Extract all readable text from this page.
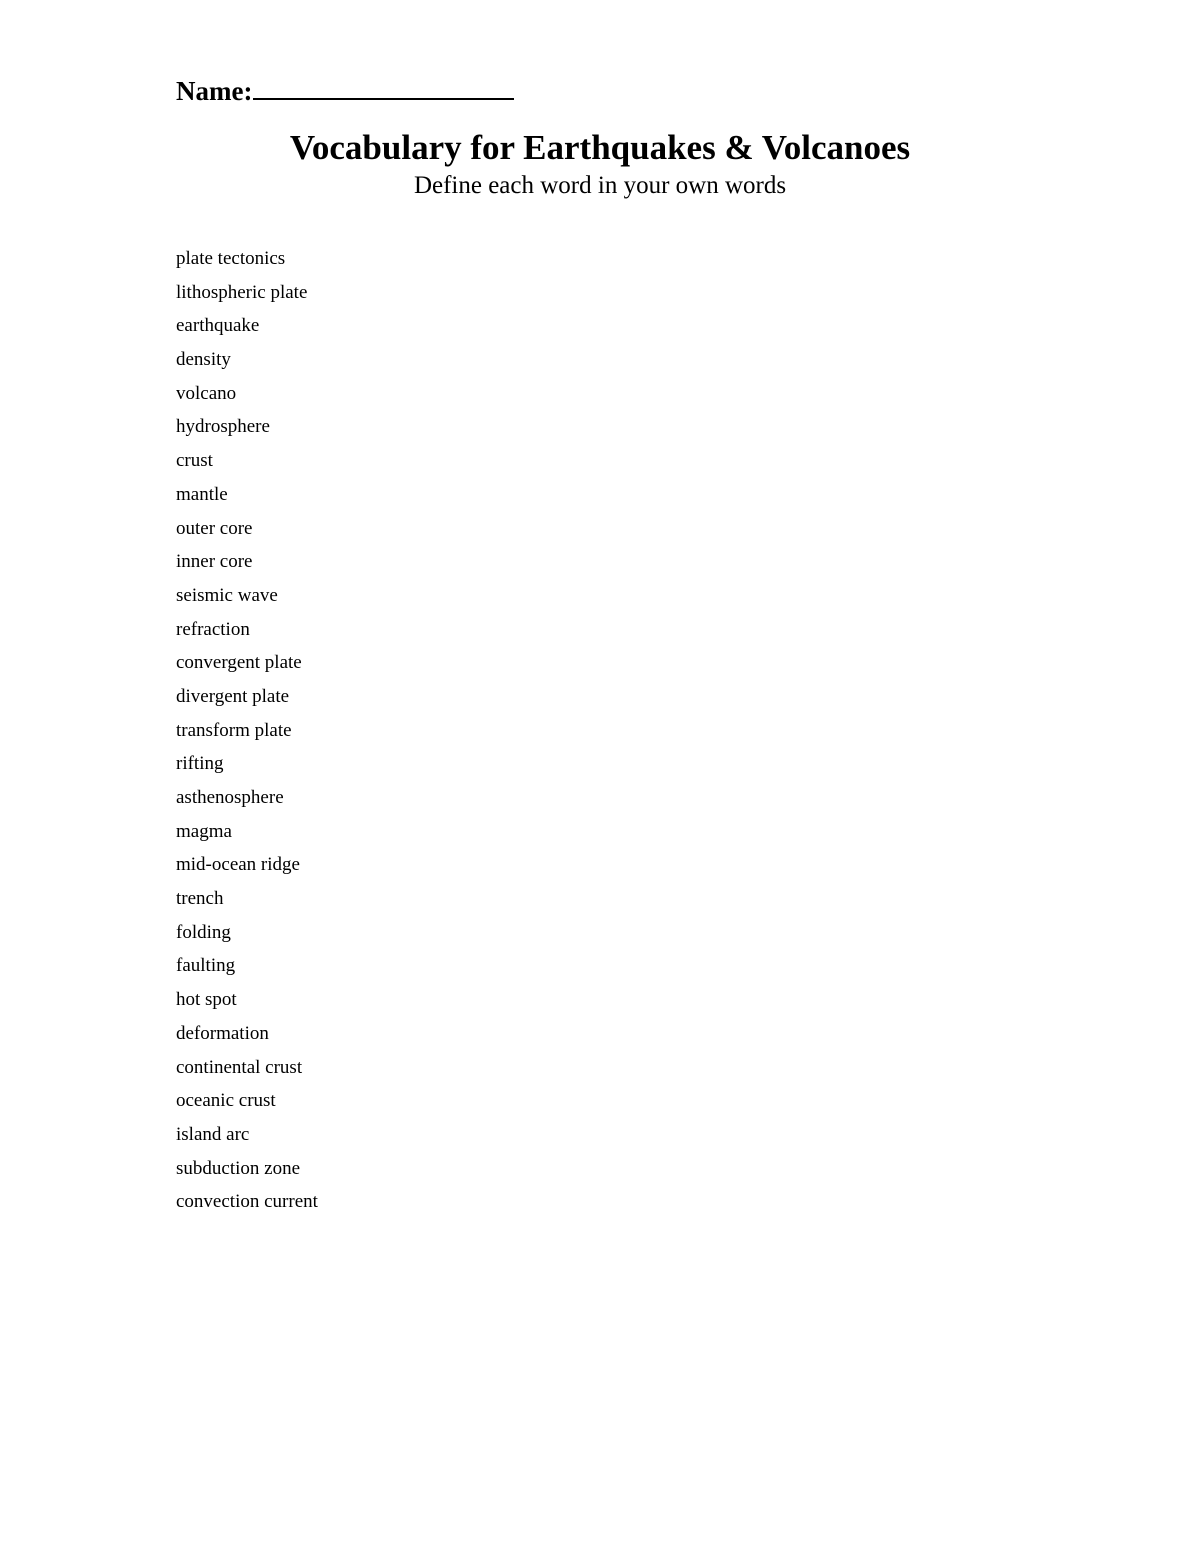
Name:
Vocabulary for Earthquakes & Volcanoes
Define each word in your own words
plate tectonics
lithospheric plate
earthquake
density
volcano
hydrosphere
crust
mantle
outer core
inner core
seismic wave
refraction
convergent plate
divergent plate
transform plate
rifting
asthenosphere
magma
mid-ocean ridge
trench
folding
faulting
hot spot
deformation
continental crust
oceanic crust
island arc
subduction zone
convection current
